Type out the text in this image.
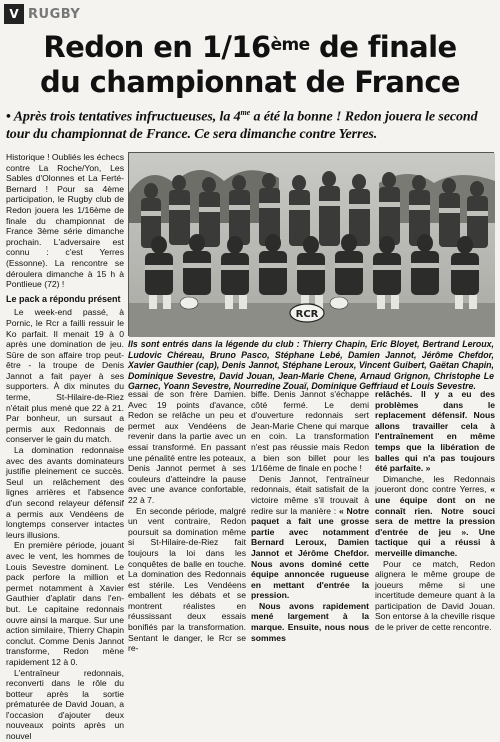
V RUGBY
Redon en 1/16ème de finale
du championnat de France
• Après trois tentatives infructueuses, la $4^{me}$ a été la bonne ! Redon jouera le second tour du championnat de France. Ce sera dimanche contre Yerres.

Historique ! Oubliés les échecs contre La Roche/Yon, Les Sables d'Olonnes et La Ferté-Bernard ! Pour sa 4ème participation, le Rugby club de Redon jouera les 1/16ème de finale du championnat de France 3ème série dimanche prochain. L'adversaire est connu : c'est Yerres (Essonne). La rencontre se déroulera dimanche à 15 h à Pontlieue (72) !

Le pack a répondu présent

Le week-end passé, à Pornic, le Rcr a failli ressuir le Ko parfait. Il menait 19 à 0 après une domination de jeu. Sûre de son affaire trop peut-être - la troupe de Denis Jannot a fait payer à ses supporters. À dix minutes du terme, St-Hilaire-de-Riez n'était plus mené que 22 à 21. Par bonheur, un sursaut a permis aux Redonnais de conserver le gain du match.

La domination redonnaise avec des avants dominateurs justifie pleinement ce succès. Seul un relâchement des lignes arrières et l'absence d'un second relayeur défensif a permis aux Vendéens de longtemps conserver intactes leurs illusions.

En première période, jouant avec le vent, les hommes de Louis Sevestre dominent. Le pack perfore la million et permet notamment à Xavier Gauthier d'aplatir dans l'en-but. Le capitaine redonnais ouvre ainsi la marque. Sur une action similaire, Thierry Chapin conclut. Comme Denis Jannot transforme, Redon mène rapidement 12 à 0.

L'entraîneur redonnais, reconverti dans le rôle du botteur après la sortie prématurée de David Jouan, a l'occasion d'ajouter deux nouveaux points après un nouvel

RCR
Ils sont entrés dans la légende du club : Thierry Chapin, Eric Bloyet, Bertrand Leroux, Ludovic Chéreau, Bruno Pasco, Stéphane Lebé, Damien Jannot, Jérôme Chefdor, Xavier Gauthier (cap), Denis Jannot, Stéphane Leroux, Vincent Guibert, Gaëtan Chapin, Dominique Sevestre, David Jouan, Jean-Marie Chene, Arnaud Grignon, Christophe Le Garnec, Yoann Sevestre, Nourredine Zouaï, Dominique Geffriaud et Louis Sevestre.

essai de son frère Damien. Avec 19 points d'avance, Redon se relâche un peu et permet aux Vendéens de revenir dans la partie avec un essai transformé. En passant une pénalité entre les poteaux, Denis Jannot permet à ses couleurs d'atteindre la pause avec une avance confortable, 22 à 7.

En seconde période, malgré un vent contraire, Redon poursuit sa domination même si St-Hilaire-de-Riez fait toujours la loi dans les conquêtes de balle en touche. La domination des Redonnais est stérile. Les Vendéens emballent les débats et se montrent réalistes en réussissant deux essais bonifiés par la transformation. Sentant le danger, le Rcr se re-

biffe. Denis Jannot s'échappe côté fermé. Le demi d'ouverture redonnais sert Jean-Marie Chene qui marque en coin. La transformation n'est pas réussie mais Redon a bien son billet pour les 1/16ème de finale en poche !

Denis Jannot, l'entraîneur redonnais, était satisfait de la victoire même s'il trouvait à redire sur la manière : « Notre paquet a fait une grosse partie avec notamment Bernard Leroux, Damien Jannot et Jérôme Chefdor. Nous avons dominé cette équipe annoncée rugueuse en mettant d'entrée la pression.

Nous avons rapidement mené largement à la marque. Ensuite, nous nous sommes

relâchés. Il y a eu des problèmes dans le replacement défensif. Nous allons travailler cela à l'entraînement en même temps que la libération de balles qui n'a pas toujours été parfaite. »

Dimanche, les Redonnais joueront donc contre Yerres, « une équipe dont on ne connaît rien. Notre souci sera de mettre la pression d'entrée de jeu ». Une tactique qui a réussi à merveille dimanche.

Pour ce match, Redon alignera le même groupe de joueurs même si une incertitude demeure quant à la participation de David Jouan. Son entorse à la cheville risque de le priver de cette rencontre.
